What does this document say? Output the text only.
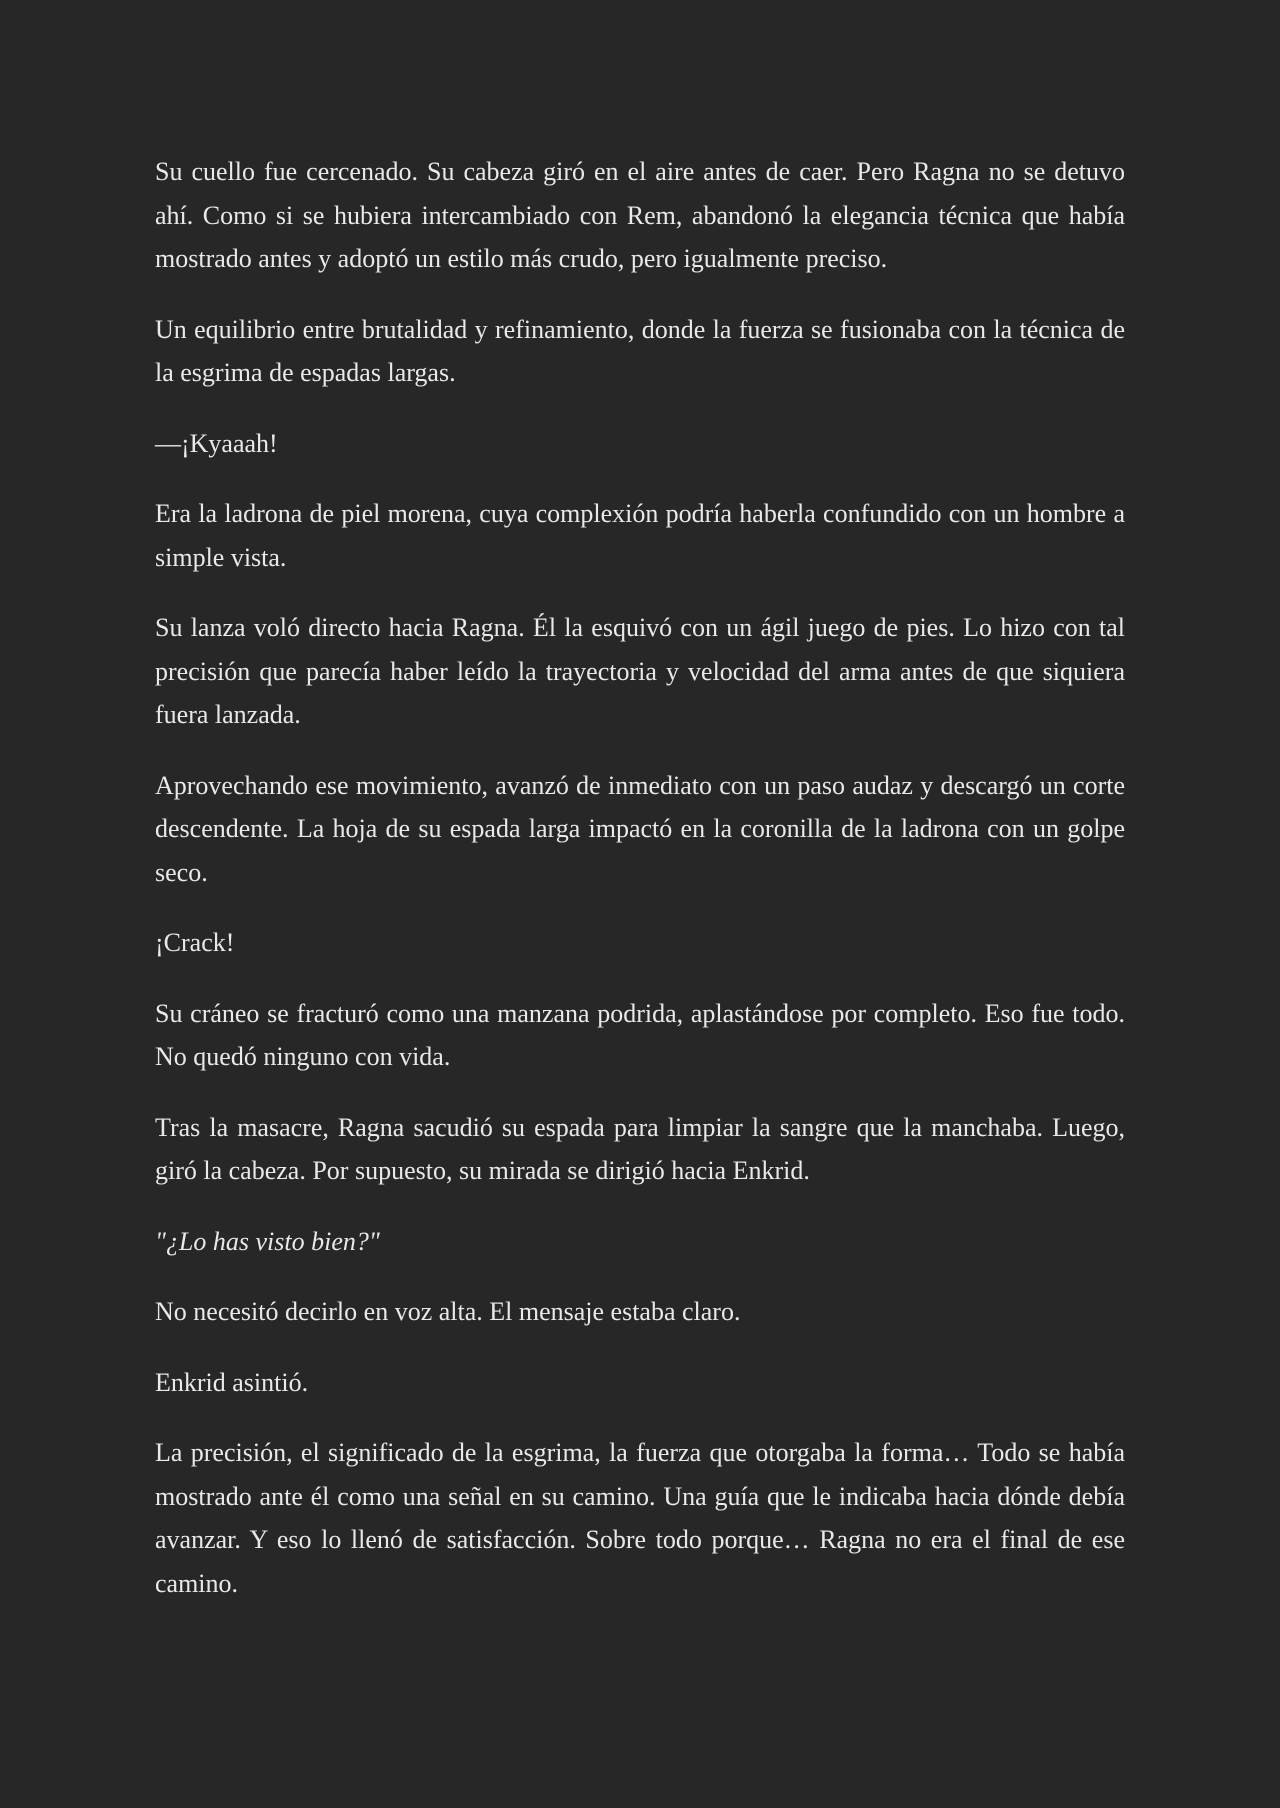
Su cuello fue cercenado. Su cabeza giró en el aire antes de caer. Pero Ragna no se detuvo ahí. Como si se hubiera intercambiado con Rem, abandonó la elegancia técnica que había mostrado antes y adoptó un estilo más crudo, pero igualmente preciso.

Un equilibrio entre brutalidad y refinamiento, donde la fuerza se fusionaba con la técnica de la esgrima de espadas largas.

—¡Kyaaah!

Era la ladrona de piel morena, cuya complexión podría haberla confundido con un hombre a simple vista.

Su lanza voló directo hacia Ragna. Él la esquivó con un ágil juego de pies. Lo hizo con tal precisión que parecía haber leído la trayectoria y velocidad del arma antes de que siquiera fuera lanzada.

Aprovechando ese movimiento, avanzó de inmediato con un paso audaz y descargó un corte descendente. La hoja de su espada larga impactó en la coronilla de la ladrona con un golpe seco.

¡Crack!

Su cráneo se fracturó como una manzana podrida, aplastándose por completo. Eso fue todo. No quedó ninguno con vida.

Tras la masacre, Ragna sacudió su espada para limpiar la sangre que la manchaba. Luego, giró la cabeza. Por supuesto, su mirada se dirigió hacia Enkrid.

"¿Lo has visto bien?"

No necesitó decirlo en voz alta. El mensaje estaba claro.

Enkrid asintió.

La precisión, el significado de la esgrima, la fuerza que otorgaba la forma… Todo se había mostrado ante él como una señal en su camino. Una guía que le indicaba hacia dónde debía avanzar. Y eso lo llenó de satisfacción. Sobre todo porque… Ragna no era el final de ese camino.
